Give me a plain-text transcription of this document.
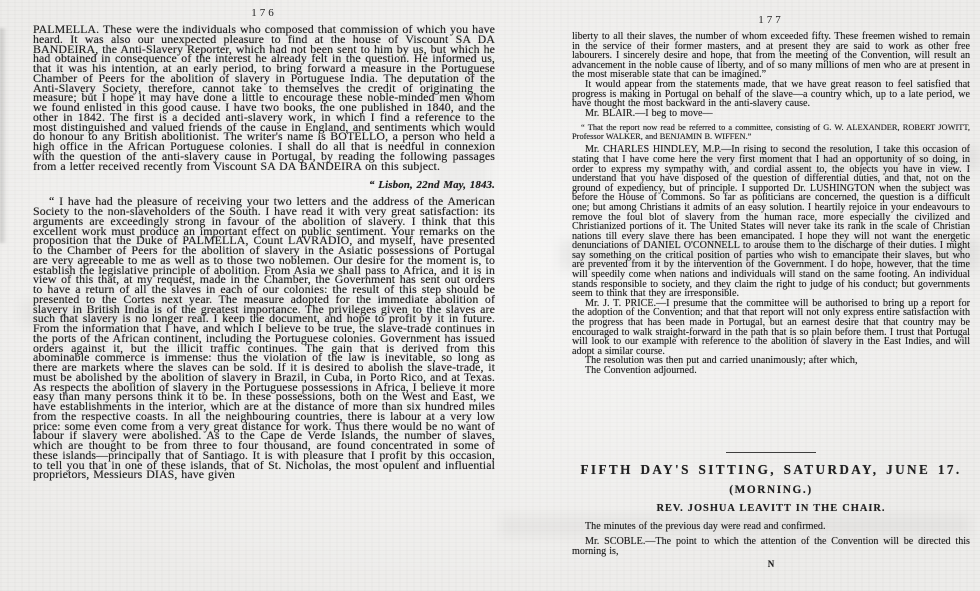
176

PALMELLA. These were the individuals who composed that commission of which you have heard. It was also our unexpected pleasure to find at the house of Viscount SA DA BANDEIRA, the Anti-Slavery Reporter, which had not been sent to him by us, but which he had obtained in consequence of the interest he already felt in the question. He informed us, that it was his intention, at an early period, to bring forward a measure in the Portuguese Chamber of Peers for the abolition of slavery in Portuguese India. The deputation of the Anti-Slavery Society, therefore, cannot take to themselves the credit of originating the measure; but I hope it may have done a little to encourage these noble-minded men whom we found enlisted in this good cause. I have two books, the one published in 1840, and the other in 1842. The first is a decided anti-slavery work, in which I find a reference to the most distinguished and valued friends of the cause in England, and sentiments which would do honour to any British abolitionist. The writer's name is BOTELLO, a person who held a high office in the African Portuguese colonies. I shall do all that is needful in connexion with the question of the anti-slavery cause in Portugal, by reading the following passages from a letter received recently from Viscount SA DA BANDEIRA on this subject.

“ Lisbon, 22nd May, 1843.

“ I have had the pleasure of receiving your two letters and the address of the American Society to the non-slaveholders of the South. I have read it with very great satisfaction: its arguments are exceedingly strong in favour of the abolition of slavery. I think that this excellent work must produce an important effect on public sentiment. Your remarks on the proposition that the Duke of PALMELLA, Count LAVRADIO, and myself, have presented to the Chamber of Peers for the abolition of slavery in the Asiatic possessions of Portugal are very agreeable to me as well as to those two noblemen. Our desire for the moment is, to establish the legislative principle of abolition. From Asia we shall pass to Africa, and it is in view of this that, at my request, made in the Chamber, the Government has sent out orders to have a return of all the slaves in each of our colonies: the result of this step should be presented to the Cortes next year. The measure adopted for the immediate abolition of slavery in British India is of the greatest importance. The privileges given to the slaves are such that slavery is no longer real. I keep the document, and hope to profit by it in future. From the information that I have, and which I believe to be true, the slave-trade continues in the ports of the African continent, including the Portuguese colonies. Government has issued orders against it, but the illicit traffic continues. The gain that is derived from this abominable commerce is immense: thus the violation of the law is inevitable, so long as there are markets where the slaves can be sold. If it is desired to abolish the slave-trade, it must be abolished by the abolition of slavery in Brazil, in Cuba, in Porto Rico, and at Texas. As respects the abolition of slavery in the Portuguese possessions in Africa, I believe it more easy than many persons think it to be. In these possessions, both on the West and East, we have establishments in the interior, which are at the distance of more than six hundred miles from the respective coasts. In all the neighbouring countries, there is labour at a very low price: some even come from a very great distance for work. Thus there would be no want of labour if slavery were abolished. As to the Cape de Verde Islands, the number of slaves, which are thought to be from three to four thousand, are found concentrated in some of these islands—principally that of Santiago. It is with pleasure that I profit by this occasion, to tell you that in one of these islands, that of St. Nicholas, the most opulent and influential proprietors, Messieurs DIAS, have given

177

liberty to all their slaves, the number of whom exceeded fifty. These freemen wished to remain in the service of their former masters, and at present they are said to work as other free labourers. I sincerely desire and hope, that from the meeting of the Convention, will result an advancement in the noble cause of liberty, and of so many millions of men who are at present in the most miserable state that can be imagined.”

It would appear from the statements made, that we have great reason to feel satisfied that progress is making in Portugal on behalf of the slave—a country which, up to a late period, we have thought the most backward in the anti-slavery cause.

Mr. BLAIR.—I beg to move—

“ That the report now read be referred to a committee, consisting of G. W. ALEXANDER, ROBERT JOWITT, Professor WALKER, and BENJAMIN B. WIFFEN.”

Mr. CHARLES HINDLEY, M.P.—In rising to second the resolution, I take this occasion of stating that I have come here the very first moment that I had an opportunity of so doing, in order to express my sympathy with, and cordial assent to, the objects you have in view. I understand that you have disposed of the question of differential duties, and that, not on the ground of expediency, but of principle. I supported Dr. LUSHINGTON when the subject was before the House of Commons. So far as politicians are concerned, the question is a difficult one; but among Christians it admits of an easy solution. I heartily rejoice in your endeavours to remove the foul blot of slavery from the human race, more especially the civilized and Christianized portions of it. The United States will never take its rank in the scale of Christian nations till every slave there has been emancipated. I hope they will not want the energetic denunciations of DANIEL O'CONNELL to arouse them to the discharge of their duties. I might say something on the critical position of parties who wish to emancipate their slaves, but who are prevented from it by the intervention of the Government. I do hope, however, that the time will speedily come when nations and individuals will stand on the same footing. An individual stands responsible to society, and they claim the right to judge of his conduct; but governments seem to think that they are irresponsible.

Mr. J. T. PRICE.—I presume that the committee will be authorised to bring up a report for the adoption of the Convention; and that that report will not only express entire satisfaction with the progress that has been made in Portugal, but an earnest desire that that country may be encouraged to walk straight-forward in the path that is so plain before them. I trust that Portugal will look to our example with reference to the abolition of slavery in the East Indies, and will adopt a similar course.

The resolution was then put and carried unanimously; after which,

The Convention adjourned.

FIFTH DAY'S SITTING, SATURDAY, JUNE 17.
(MORNING.)
REV. JOSHUA LEAVITT IN THE CHAIR.

The minutes of the previous day were read and confirmed.

Mr. SCOBLE.—The point to which the attention of the Convention will be directed this morning is,

N
